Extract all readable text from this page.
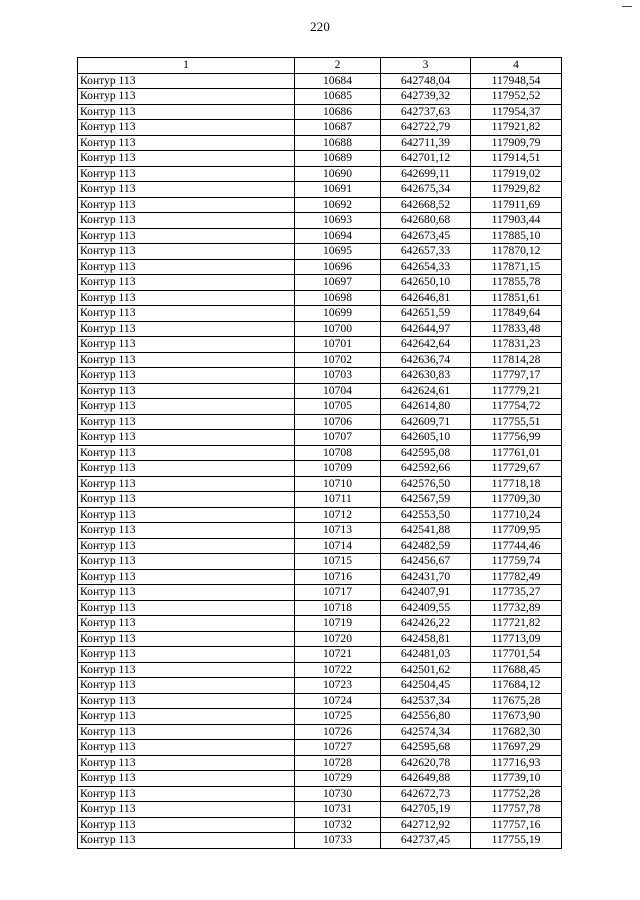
220
1	2	3	4
Контур 113	10684	642748,04	117948,54
Контур 113	10685	642739,32	117952,52
Контур 113	10686	642737,63	117954,37
Контур 113	10687	642722,79	117921,82
Контур 113	10688	642711,39	117909,79
Контур 113	10689	642701,12	117914,51
Контур 113	10690	642699,11	117919,02
Контур 113	10691	642675,34	117929,82
Контур 113	10692	642668,52	117911,69
Контур 113	10693	642680,68	117903,44
Контур 113	10694	642673,45	117885,10
Контур 113	10695	642657,33	117870,12
Контур 113	10696	642654,33	117871,15
Контур 113	10697	642650,10	117855,78
Контур 113	10698	642646,81	117851,61
Контур 113	10699	642651,59	117849,64
Контур 113	10700	642644,97	117833,48
Контур 113	10701	642642,64	117831,23
Контур 113	10702	642636,74	117814,28
Контур 113	10703	642630,83	117797,17
Контур 113	10704	642624,61	117779,21
Контур 113	10705	642614,80	117754,72
Контур 113	10706	642609,71	117755,51
Контур 113	10707	642605,10	117756,99
Контур 113	10708	642595,08	117761,01
Контур 113	10709	642592,66	117729,67
Контур 113	10710	642576,50	117718,18
Контур 113	10711	642567,59	117709,30
Контур 113	10712	642553,50	117710,24
Контур 113	10713	642541,88	117709,95
Контур 113	10714	642482,59	117744,46
Контур 113	10715	642456,67	117759,74
Контур 113	10716	642431,70	117782,49
Контур 113	10717	642407,91	117735,27
Контур 113	10718	642409,55	117732,89
Контур 113	10719	642426,22	117721,82
Контур 113	10720	642458,81	117713,09
Контур 113	10721	642481,03	117701,54
Контур 113	10722	642501,62	117688,45
Контур 113	10723	642504,45	117684,12
Контур 113	10724	642537,34	117675,28
Контур 113	10725	642556,80	117673,90
Контур 113	10726	642574,34	117682,30
Контур 113	10727	642595,68	117697,29
Контур 113	10728	642620,78	117716,93
Контур 113	10729	642649,88	117739,10
Контур 113	10730	642672,73	117752,28
Контур 113	10731	642705,19	117757,78
Контур 113	10732	642712,92	117757,16
Контур 113	10733	642737,45	117755,19
